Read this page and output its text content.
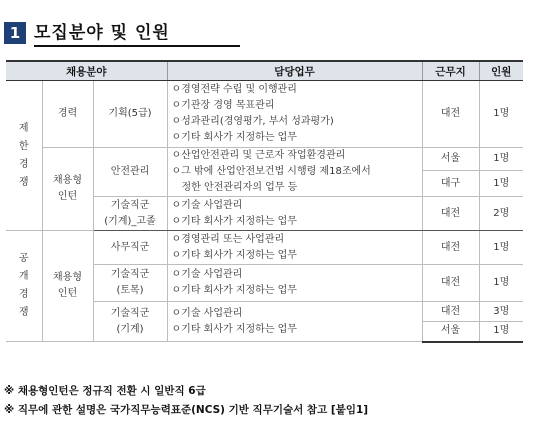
1 모집분야 및 인원
채용분야			담당업무	근무지	인원
제한경쟁	경력	기획(5급)	ㅇ경영전략 수립 및 이행관리
ㅇ기관장 경영 목표관리
ㅇ성과관리(경영평가, 부서 성과평가)
ㅇ기타 회사가 지정하는 업무	대전	1명
	채용형 인턴	안전관리	ㅇ산업안전관리 및 근로자 작업환경관리
ㅇ그 밖에 산업안전보건법 시행령 제18조에서
정한 안전관리자의 업무 등	서울	1명
				대구	1명

		기술직군
(기계)_고졸	ㅇ기술 사업관리
ㅇ기타 회사가 지정하는 업무	대전	2명

공개경쟁	채용형 인턴	사무직군	ㅇ경영관리 또는 사업관리
ㅇ기타 회사가 지정하는 업무	대전	1명

		기술직군
(토목)	ㅇ기술 사업관리
ㅇ기타 회사가 지정하는 업무	대전	1명

		기술직군
(기계)	ㅇ기술 사업관리
ㅇ기타 회사가 지정하는 업무	대전	3명
				서울	1명
※ 채용형인턴은 정규직 전환 시 일반직 6급
※ 직무에 관한 설명은 국가직무능력표준(NCS) 기반 직무기술서 참고 [붙임1]
